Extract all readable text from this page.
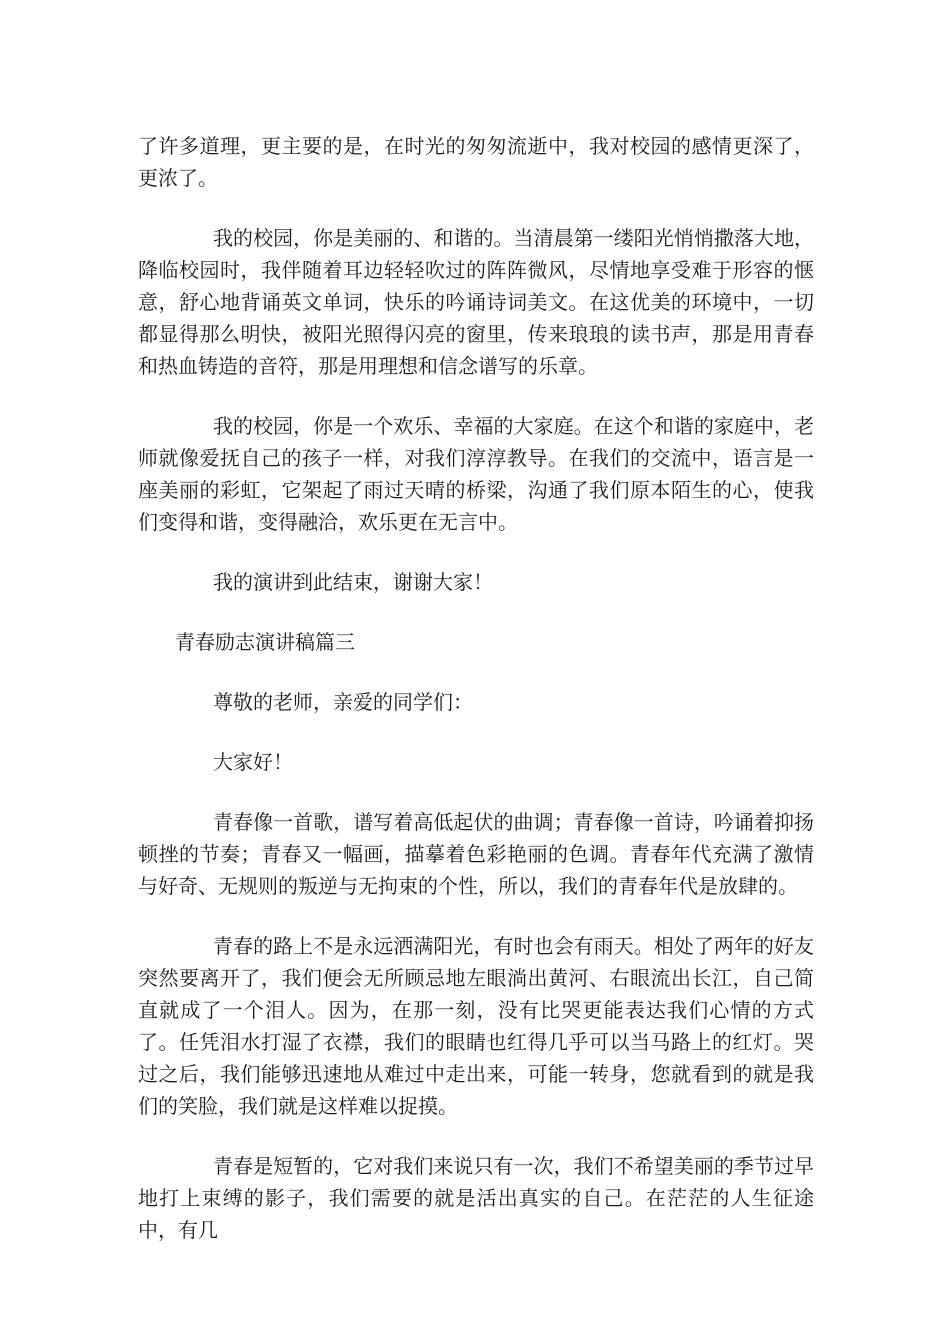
了许多道理，更主要的是，在时光的匆匆流逝中，我对校园的感情更深了，更浓了。

我的校园，你是美丽的、和谐的。当清晨第一缕阳光悄悄撒落大地，降临校园时，我伴随着耳边轻轻吹过的阵阵微风，尽情地享受难于形容的惬意，舒心地背诵英文单词，快乐的吟诵诗词美文。在这优美的环境中，一切都显得那么明快，被阳光照得闪亮的窗里，传来琅琅的读书声，那是用青春和热血铸造的音符，那是用理想和信念谱写的乐章。

我的校园，你是一个欢乐、幸福的大家庭。在这个和谐的家庭中，老师就像爱抚自己的孩子一样，对我们淳淳教导。在我们的交流中，语言是一座美丽的彩虹，它架起了雨过天晴的桥梁，沟通了我们原本陌生的心，使我们变得和谐，变得融洽，欢乐更在无言中。

我的演讲到此结束，谢谢大家！

青春励志演讲稿篇三

尊敬的老师，亲爱的同学们：

大家好！

青春像一首歌，谱写着高低起伏的曲调；青春像一首诗，吟诵着抑扬顿挫的节奏；青春又一幅画，描摹着色彩艳丽的色调。青春年代充满了激情与好奇、无规则的叛逆与无拘束的个性，所以，我们的青春年代是放肆的。

青春的路上不是永远洒满阳光，有时也会有雨天。相处了两年的好友突然要离开了，我们便会无所顾忌地左眼淌出黄河、右眼流出长江，自己简直就成了一个泪人。因为，在那一刻，没有比哭更能表达我们心情的方式了。任凭泪水打湿了衣襟，我们的眼睛也红得几乎可以当马路上的红灯。哭过之后，我们能够迅速地从难过中走出来，可能一转身，您就看到的就是我们的笑脸，我们就是这样难以捉摸。

青春是短暂的，它对我们来说只有一次，我们不希望美丽的季节过早地打上束缚的影子，我们需要的就是活出真实的自己。在茫茫的人生征途中，有几
